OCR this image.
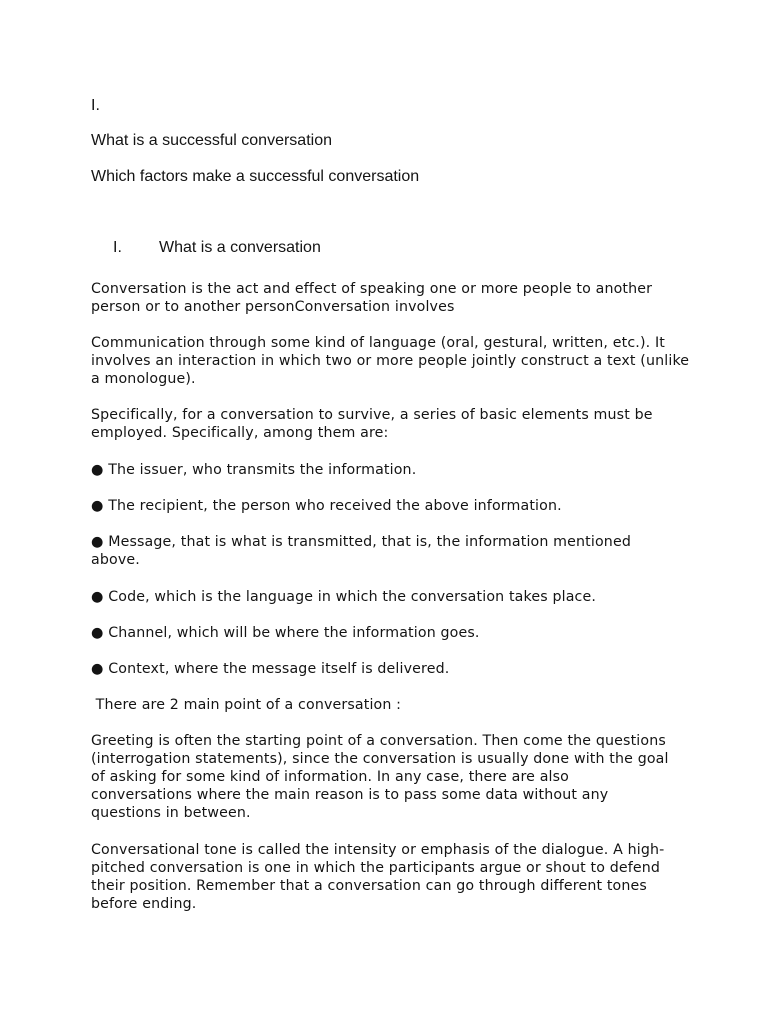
I.
What is a successful conversation
Which factors make a successful conversation
I. What is a conversation

Conversation is the act and effect of speaking one or more people to another person or to another personConversation involves

Communication through some kind of language (oral, gestural, written, etc.). It involves an interaction in which two or more people jointly construct a text (unlike a monologue).

Specifically, for a conversation to survive, a series of basic elements must be employed. Specifically, among them are:

● The issuer, who transmits the information.

● The recipient, the person who received the above information.

● Message, that is what is transmitted, that is, the information mentioned above.

● Code, which is the language in which the conversation takes place.

● Channel, which will be where the information goes.

● Context, where the message itself is delivered.

There are 2 main point of a conversation :

Greeting is often the starting point of a conversation. Then come the questions (interrogation statements), since the conversation is usually done with the goal of asking for some kind of information. In any case, there are also conversations where the main reason is to pass some data without any questions in between.

Conversational tone is called the intensity or emphasis of the dialogue. A high-pitched conversation is one in which the participants argue or shout to defend their position. Remember that a conversation can go through different tones before ending.
